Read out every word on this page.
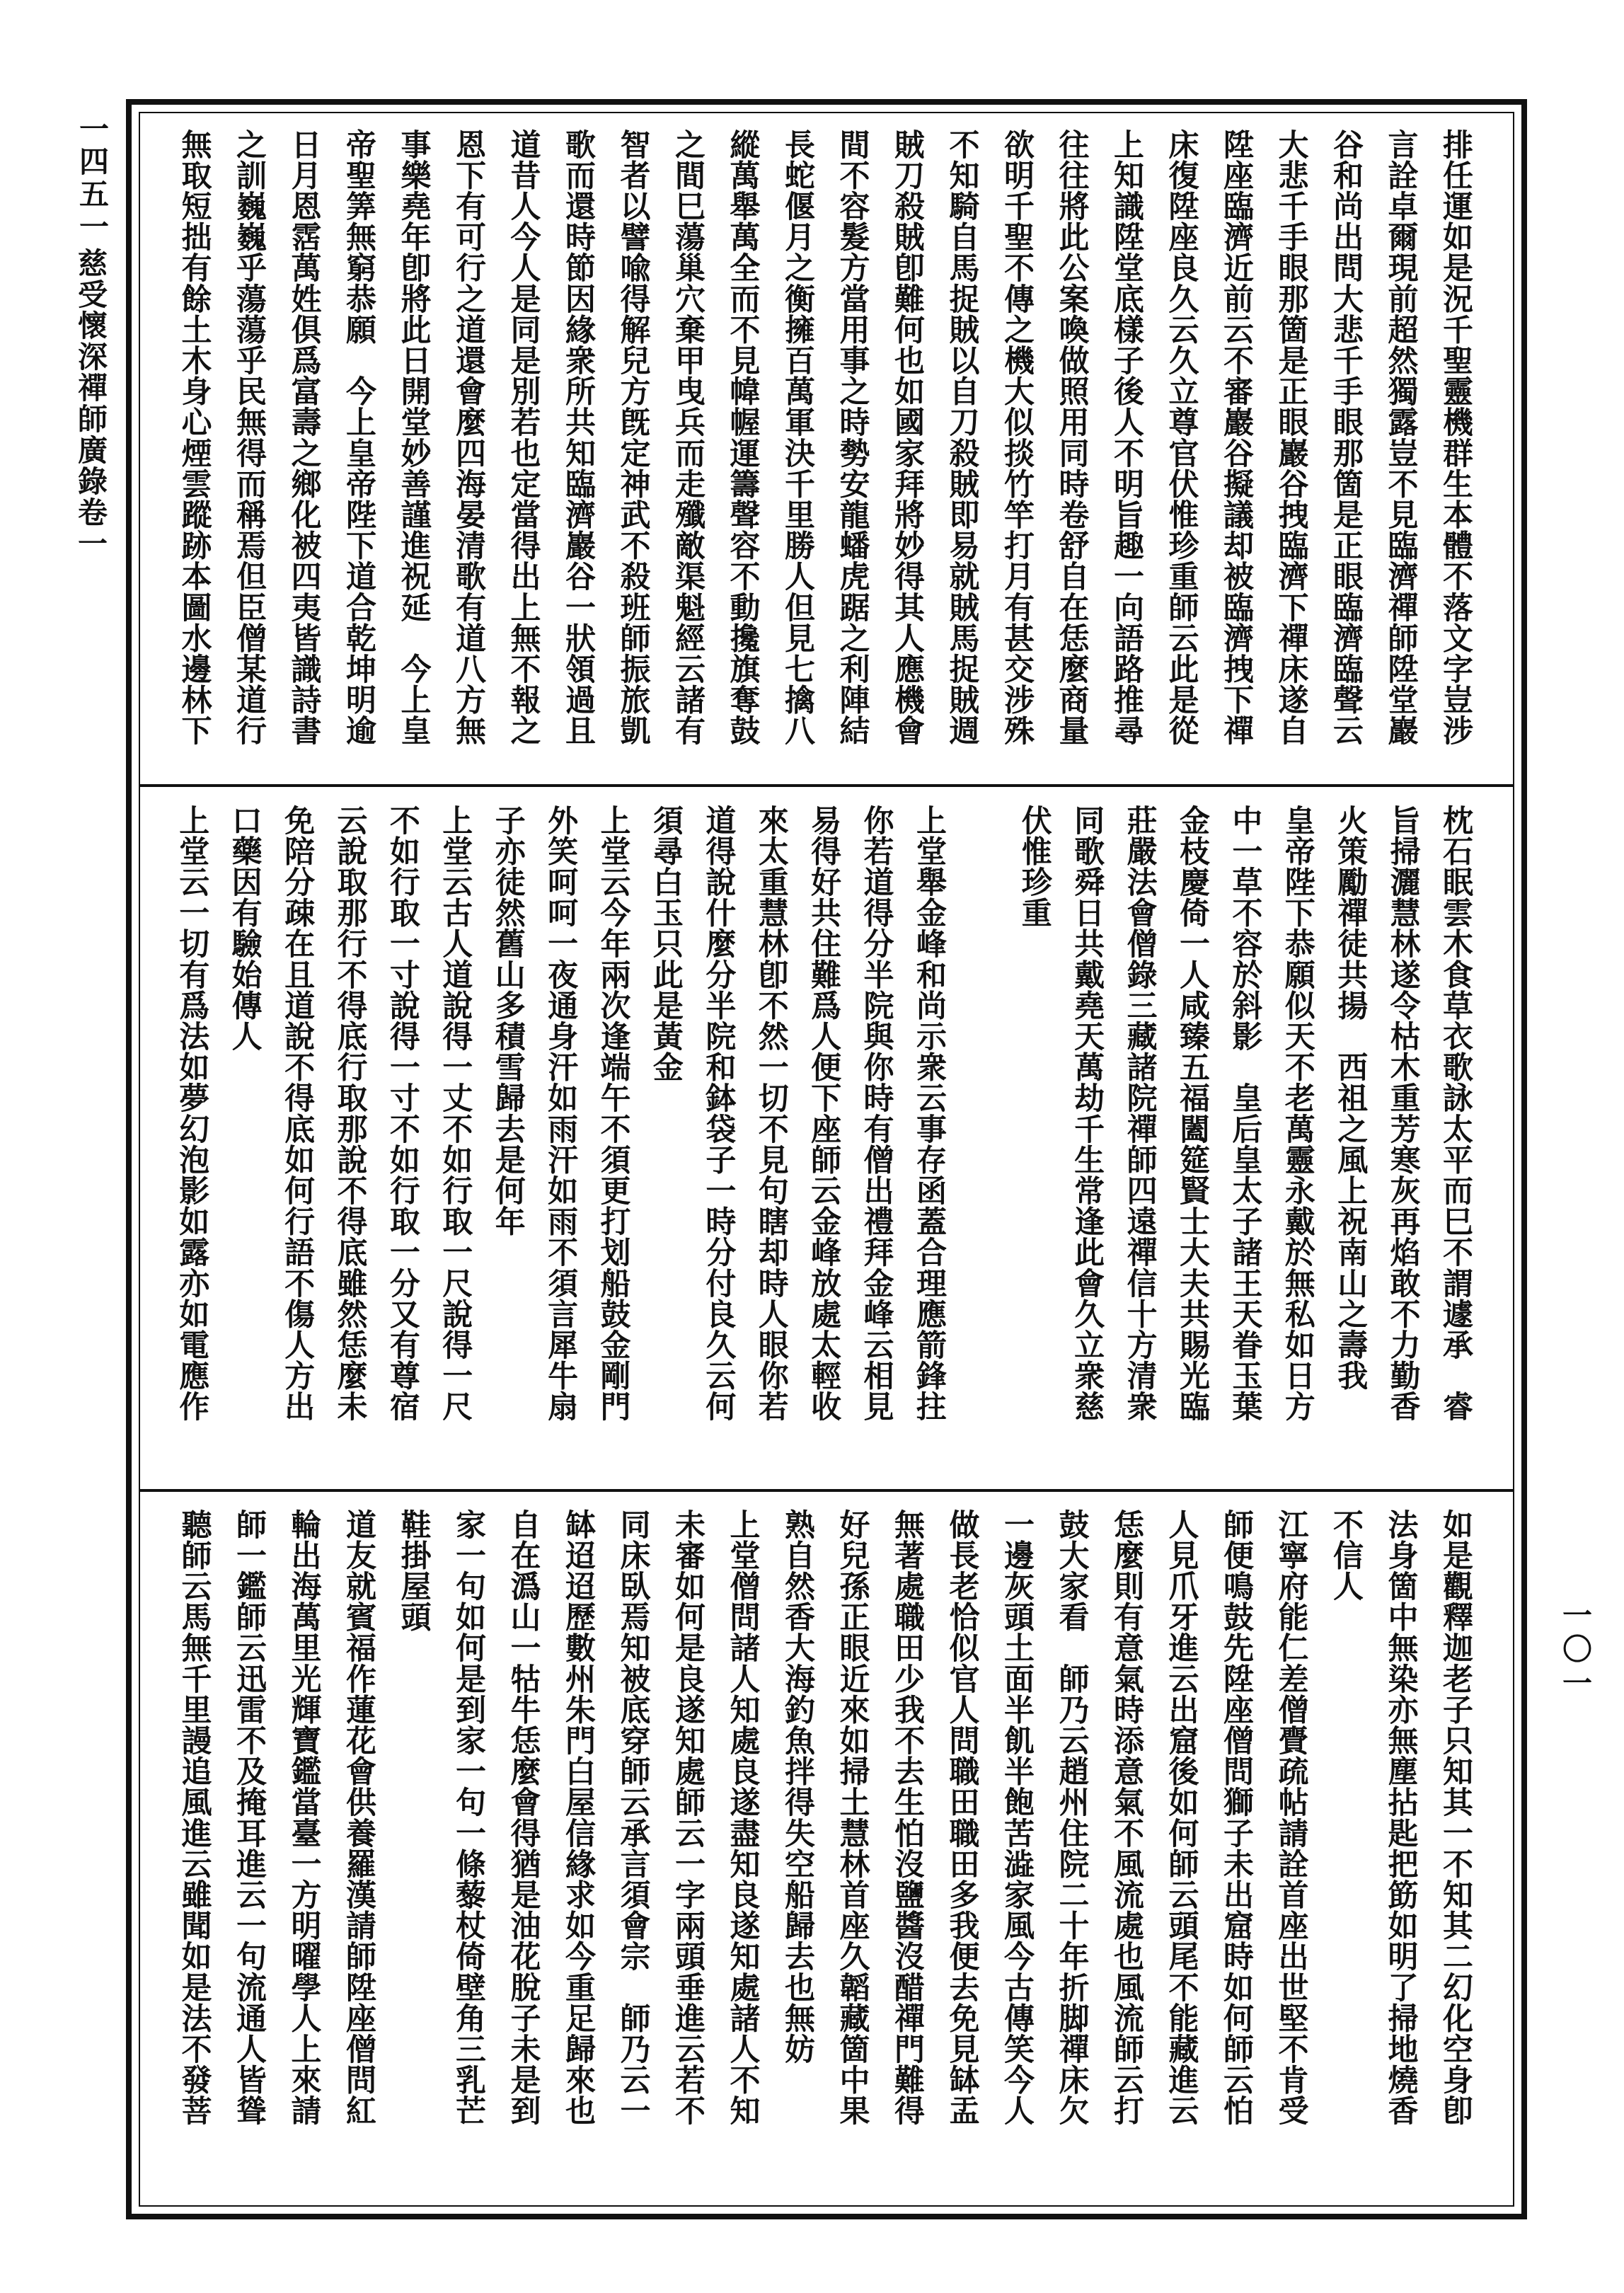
一四五一
慈受懷深禪師廣錄卷一
一〇一
排任運如是況千聖靈機群生本體不落文字豈涉
言詮卓爾現前超然獨露豈不見臨濟禪師陞堂巖
谷和尚出問大悲千手眼那箇是正眼臨濟臨聲云
大悲千手眼那箇是正眼巖谷拽臨濟下禪床遂自
陞座臨濟近前云不審巖谷擬議却被臨濟拽下禪
床復陞座良久云久立尊官伏惟珍重師云此是從
上知識陞堂底樣子後人不明旨趣一向語路推尋
往往將此公案喚做照用同時卷舒自在恁麼商量
欲明千聖不傳之機大似掞竹竿打月有甚交涉殊
不知騎自馬捉賊以自刀殺賊即易就賊馬捉賊週
賊刀殺賊卽難何也如國家拜將妙得其人應機會
間不容髮方當用事之時勢安龍蟠虎踞之利陣結
長蛇偃月之衡擁百萬軍決千里勝人但見七擒八
縱萬舉萬全而不見幃幄運籌聲容不動攙旗奪鼓
之間巳蕩巢穴棄甲曳兵而走殲敵渠魁經云諸有
智者以譬喩得解兒方旣定神武不殺班師振旅凱
歌而還時節因緣衆所共知臨濟巖谷一狀領過且
道昔人今人是同是別若也定當得出上無不報之
恩下有可行之道還會麼四海晏清歌有道八方無
事樂堯年卽將此日開堂妙善謹進祝延　今上皇
帝聖筭無窮恭願　今上皇帝陛下道合乾坤明逾
日月恩霑萬姓俱爲富壽之鄉化被四夷皆識詩書
之訓巍巍乎蕩蕩乎民無得而稱焉但臣僧某道行
無取短拙有餘土木身心煙雲蹤跡本圖水邊林下
枕石眠雲木食草衣歌詠太平而巳不謂遽承　睿
旨掃灑慧林遂令枯木重芳寒灰再焰敢不力勤香
火策勵禪徒共揚　西祖之風上祝南山之壽我
皇帝陛下恭願似天不老萬靈永戴於無私如日方
中一草不容於斜影　皇后皇太子諸王天眷玉葉
金枝慶倚一人咸臻五福闔筵賢士大夫共賜光臨
莊嚴法會僧錄三藏諸院禪師四遠禪信十方清衆
同歌舜日共戴堯天萬劫千生常逢此會久立衆慈
伏惟珍重
上堂舉金峰和尚示衆云事存函蓋合理應箭鋒拄
你若道得分半院與你時有僧出禮拜金峰云相見
易得好共住難爲人便下座師云金峰放處太輕收
來太重慧林卽不然一切不見句瞎却時人眼你若
道得說什麼分半院和鉢袋子一時分付良久云何
須尋白玉只此是黃金
上堂云今年兩次逢端午不須更打划船鼓金剛門
外笑呵呵一夜通身汗如雨汗如雨不須言犀牛扇
子亦徒然舊山多積雪歸去是何年
上堂云古人道說得一丈不如行取一尺說得一尺
不如行取一寸說得一寸不如行取一分又有尊宿
云說取那行不得底行取那說不得底雖然恁麼未
免陪分疎在且道說不得底如何行語不傷人方出
口藥因有驗始傳人
上堂云一切有爲法如夢幻泡影如露亦如電應作
如是觀釋迦老子只知其一不知其二幻化空身卽
法身箇中無染亦無塵拈匙把筯如明了掃地燒香
不信人
江寧府能仁差僧賷疏帖請詮首座出世堅不肯受
師便鳴鼓先陞座僧問獅子未出窟時如何師云怕
人見爪牙進云出窟後如何師云頭尾不能藏進云
恁麼則有意氣時添意氣不風流處也風流師云打
鼓大家看　師乃云趙州住院二十年折脚禪床欠
一邊灰頭土面半飢半飽苦澁家風今古傳笑今人
做長老恰似官人問職田職田多我便去免見缽盂
無著處職田少我不去生怕沒鹽醬沒醋禪門難得
好兒孫正眼近來如掃土慧林首座久韜藏箇中果
熟自然香大海釣魚拌得失空船歸去也無妨
上堂僧問諸人知處良遂盡知良遂知處諸人不知
未審如何是良遂知處師云一字兩頭垂進云若不
同床臥焉知被底穿師云承言須會宗　師乃云一
缽迢迢歷數州朱門白屋信緣求如今重足歸來也
自在潙山一牯牛恁麼會得猶是油花脫子未是到
家一句如何是到家一句一條藜杖倚壁角三乳芒
鞋掛屋頭
道友就賓福作蓮花會供養羅漢請師陞座僧問紅
輪出海萬里光輝寶鑑當臺一方明曜學人上來請
師一鑑師云迅雷不及掩耳進云一句流通人皆聳
聽師云馬無千里謾追風進云雖聞如是法不發菩
